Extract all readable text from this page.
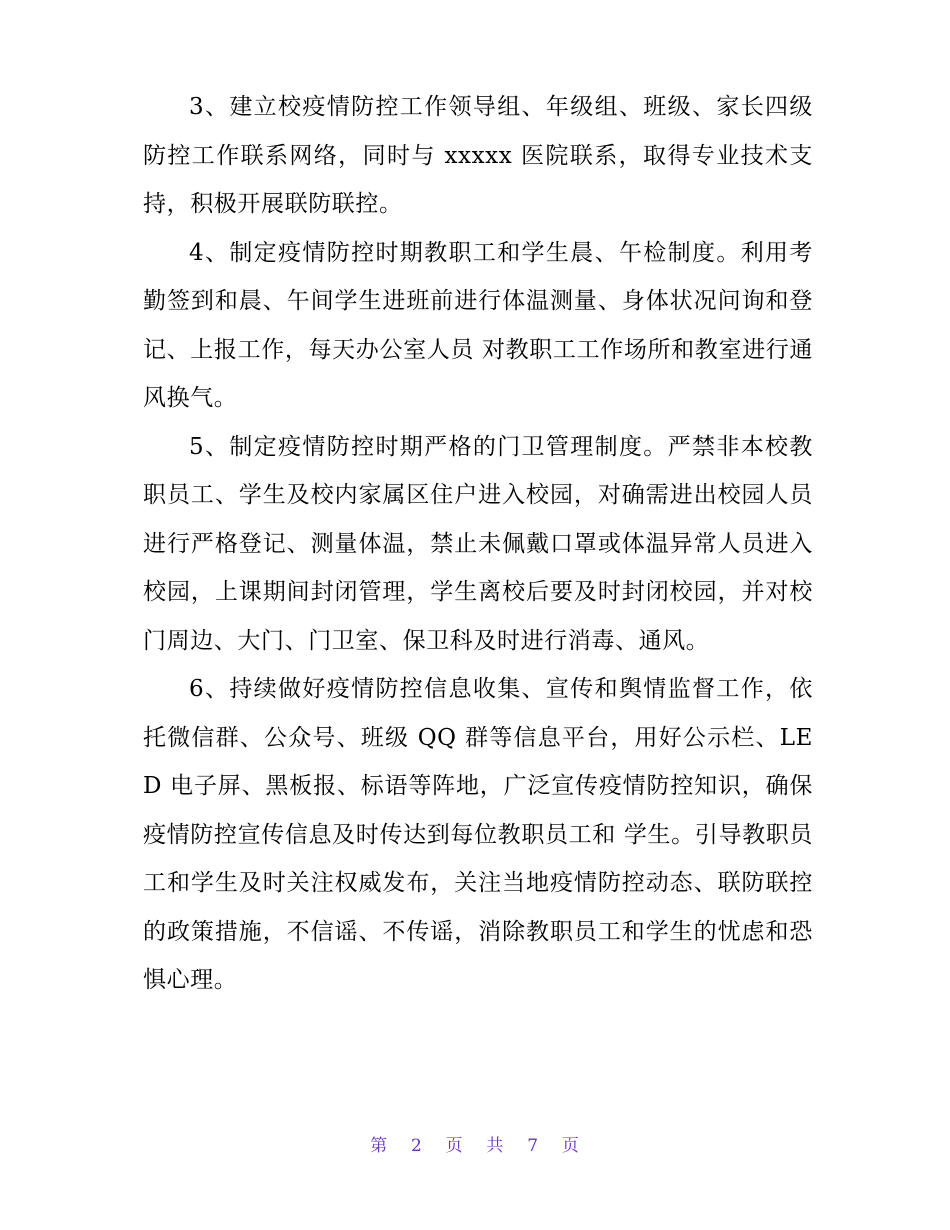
3、建立校疫情防控工作领导组、年级组、班级、家长四级防控工作联系网络，同时与 xxxxx 医院联系，取得专业技术支持，积极开展联防联控。

4、制定疫情防控时期教职工和学生晨、午检制度。利用考勤签到和晨、午间学生进班前进行体温测量、身体状况问询和登记、上报工作，每天办公室人员 对教职工工作场所和教室进行通风换气。

5、制定疫情防控时期严格的门卫管理制度。严禁非本校教职员工、学生及校内家属区住户进入校园，对确需进出校园人员进行严格登记、测量体温，禁止未佩戴口罩或体温异常人员进入校园，上课期间封闭管理，学生离校后要及时封闭校园，并对校门周边、大门、门卫室、保卫科及时进行消毒、通风。

6、持续做好疫情防控信息收集、宣传和舆情监督工作，依托微信群、公众号、班级 QQ 群等信息平台，用好公示栏、LED 电子屏、黑板报、标语等阵地，广泛宣传疫情防控知识，确保疫情防控宣传信息及时传达到每位教职员工和 学生。引导教职员工和学生及时关注权威发布，关注当地疫情防控动态、联防联控的政策措施，不信谣、不传谣，消除教职员工和学生的忧虑和恐惧心理。

第 2 页 共 7 页
